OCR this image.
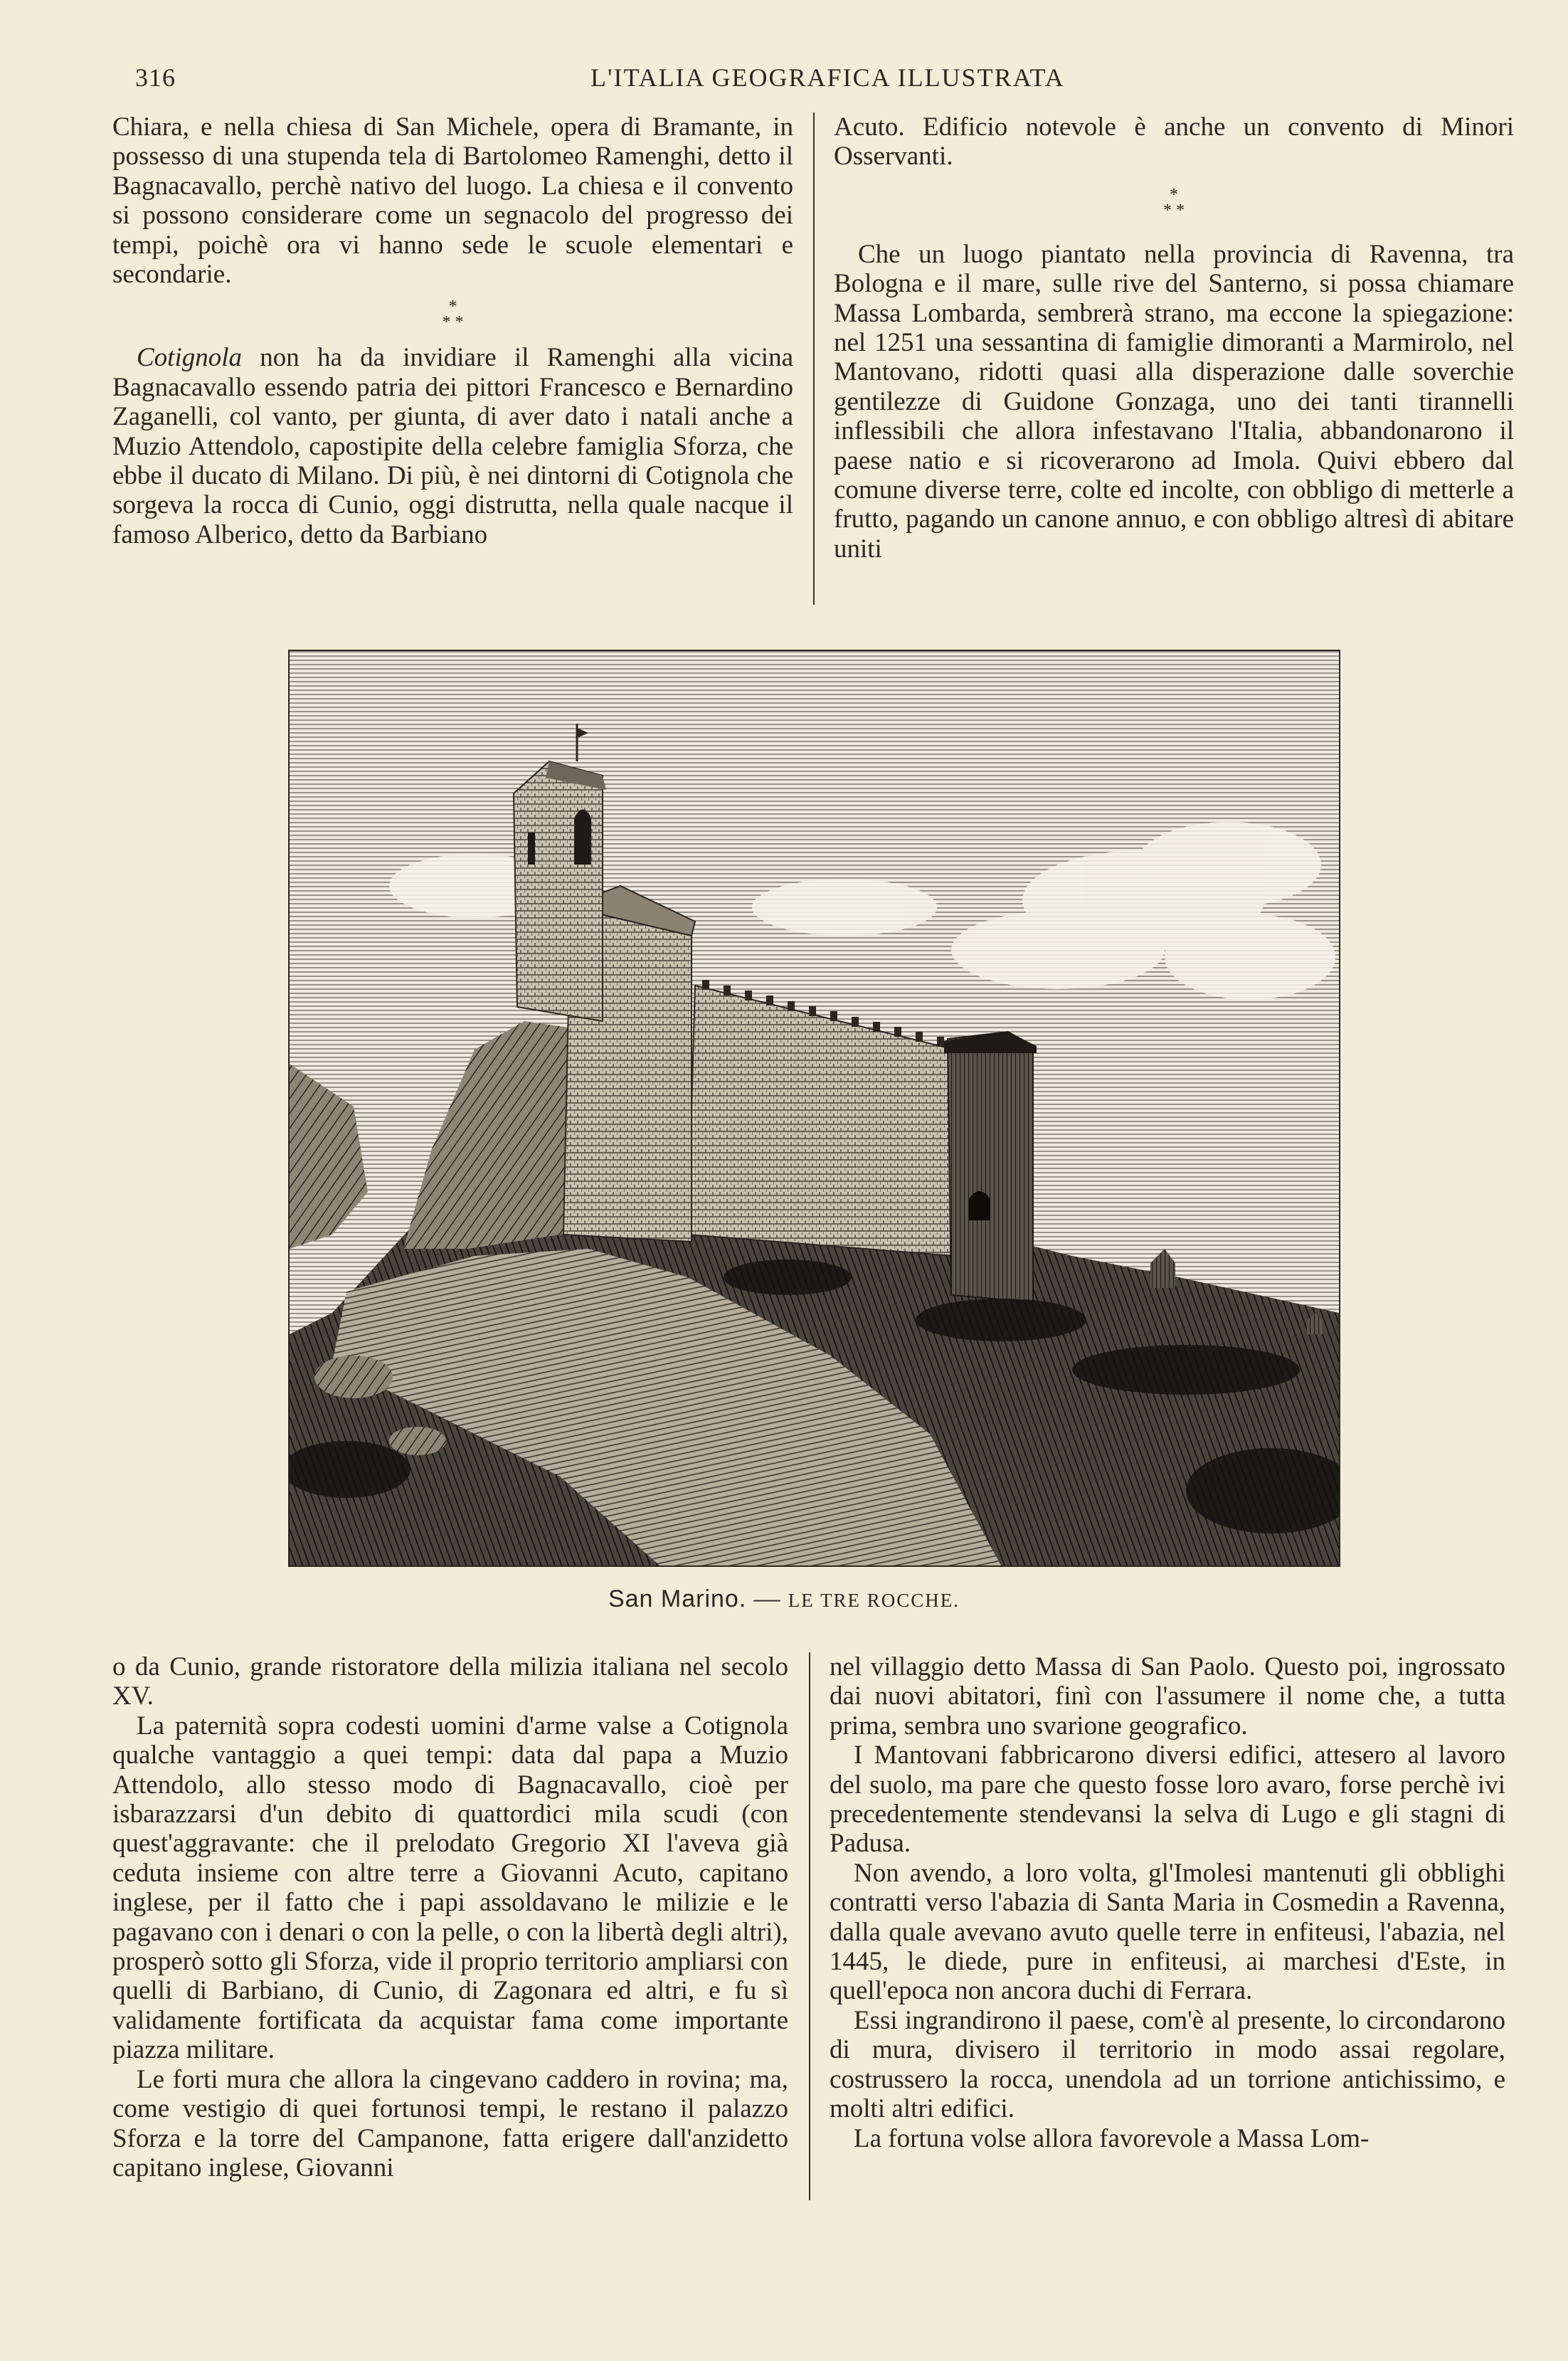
316	L'ITALIA GEOGRAFICA ILLUSTRATA

Chiara, e nella chiesa di San Michele, opera di Bramante, in possesso di una stupenda tela di Bartolomeo Ramenghi, detto il Bagnacavallo, perchè nativo del luogo. La chiesa e il convento si possono considerare come un segnacolo del progresso dei tempi, poichè ora vi hanno sede le scuole elementari e secondarie.

*
* *

Cotignola non ha da invidiare il Ramenghi alla vicina Bagnacavallo essendo patria dei pittori Francesco e Bernardino Zaganelli, col vanto, per giunta, di aver dato i natali anche a Muzio Attendolo, capostipite della celebre famiglia Sforza, che ebbe il ducato di Milano. Di più, è nei dintorni di Cotignola che sorgeva la rocca di Cunio, oggi distrutta, nella quale nacque il famoso Alberico, detto da Barbiano

Acuto. Edificio notevole è anche un convento di Minori Osservanti.

*
* *

Che un luogo piantato nella provincia di Ravenna, tra Bologna e il mare, sulle rive del Santerno, si possa chiamare Massa Lombarda, sembrerà strano, ma eccone la spiegazione: nel 1251 una sessantina di famiglie dimoranti a Marmirolo, nel Mantovano, ridotti quasi alla disperazione dalle soverchie gentilezze di Guidone Gonzaga, uno dei tanti tirannelli inflessibili che allora infestavano l'Italia, abbandonarono il paese natio e si ricoverarono ad Imola. Quivi ebbero dal comune diverse terre, colte ed incolte, con obbligo di metterle a frutto, pagando un canone annuo, e con obbligo altresì di abitare uniti

San Marino. — LE TRE ROCCHE.

o da Cunio, grande ristoratore della milizia italiana nel secolo XV.

La paternità sopra codesti uomini d'arme valse a Cotignola qualche vantaggio a quei tempi: data dal papa a Muzio Attendolo, allo stesso modo di Bagnacavallo, cioè per isbarazzarsi d'un debito di quattordici mila scudi (con quest'aggravante: che il prelodato Gregorio XI l'aveva già ceduta insieme con altre terre a Giovanni Acuto, capitano inglese, per il fatto che i papi assoldavano le milizie e le pagavano con i denari o con la pelle, o con la libertà degli altri), prosperò sotto gli Sforza, vide il proprio territorio ampliarsi con quelli di Barbiano, di Cunio, di Zagonara ed altri, e fu sì validamente fortificata da acquistar fama come importante piazza militare.

Le forti mura che allora la cingevano caddero in rovina; ma, come vestigio di quei fortunosi tempi, le restano il palazzo Sforza e la torre del Campanone, fatta erigere dall'anzidetto capitano inglese, Giovanni

nel villaggio detto Massa di San Paolo. Questo poi, ingrossato dai nuovi abitatori, finì con l'assumere il nome che, a tutta prima, sembra uno svarione geografico.

I Mantovani fabbricarono diversi edifici, attesero al lavoro del suolo, ma pare che questo fosse loro avaro, forse perchè ivi precedentemente stendevansi la selva di Lugo e gli stagni di Padusa.

Non avendo, a loro volta, gl'Imolesi mantenuti gli obblighi contratti verso l'abazia di Santa Maria in Cosmedin a Ravenna, dalla quale avevano avuto quelle terre in enfiteusi, l'abazia, nel 1445, le diede, pure in enfiteusi, ai marchesi d'Este, in quell'epoca non ancora duchi di Ferrara.

Essi ingrandirono il paese, com'è al presente, lo circondarono di mura, divisero il territorio in modo assai regolare, costrussero la rocca, unendola ad un torrione antichissimo, e molti altri edifici.

La fortuna volse allora favorevole a Massa Lom-
